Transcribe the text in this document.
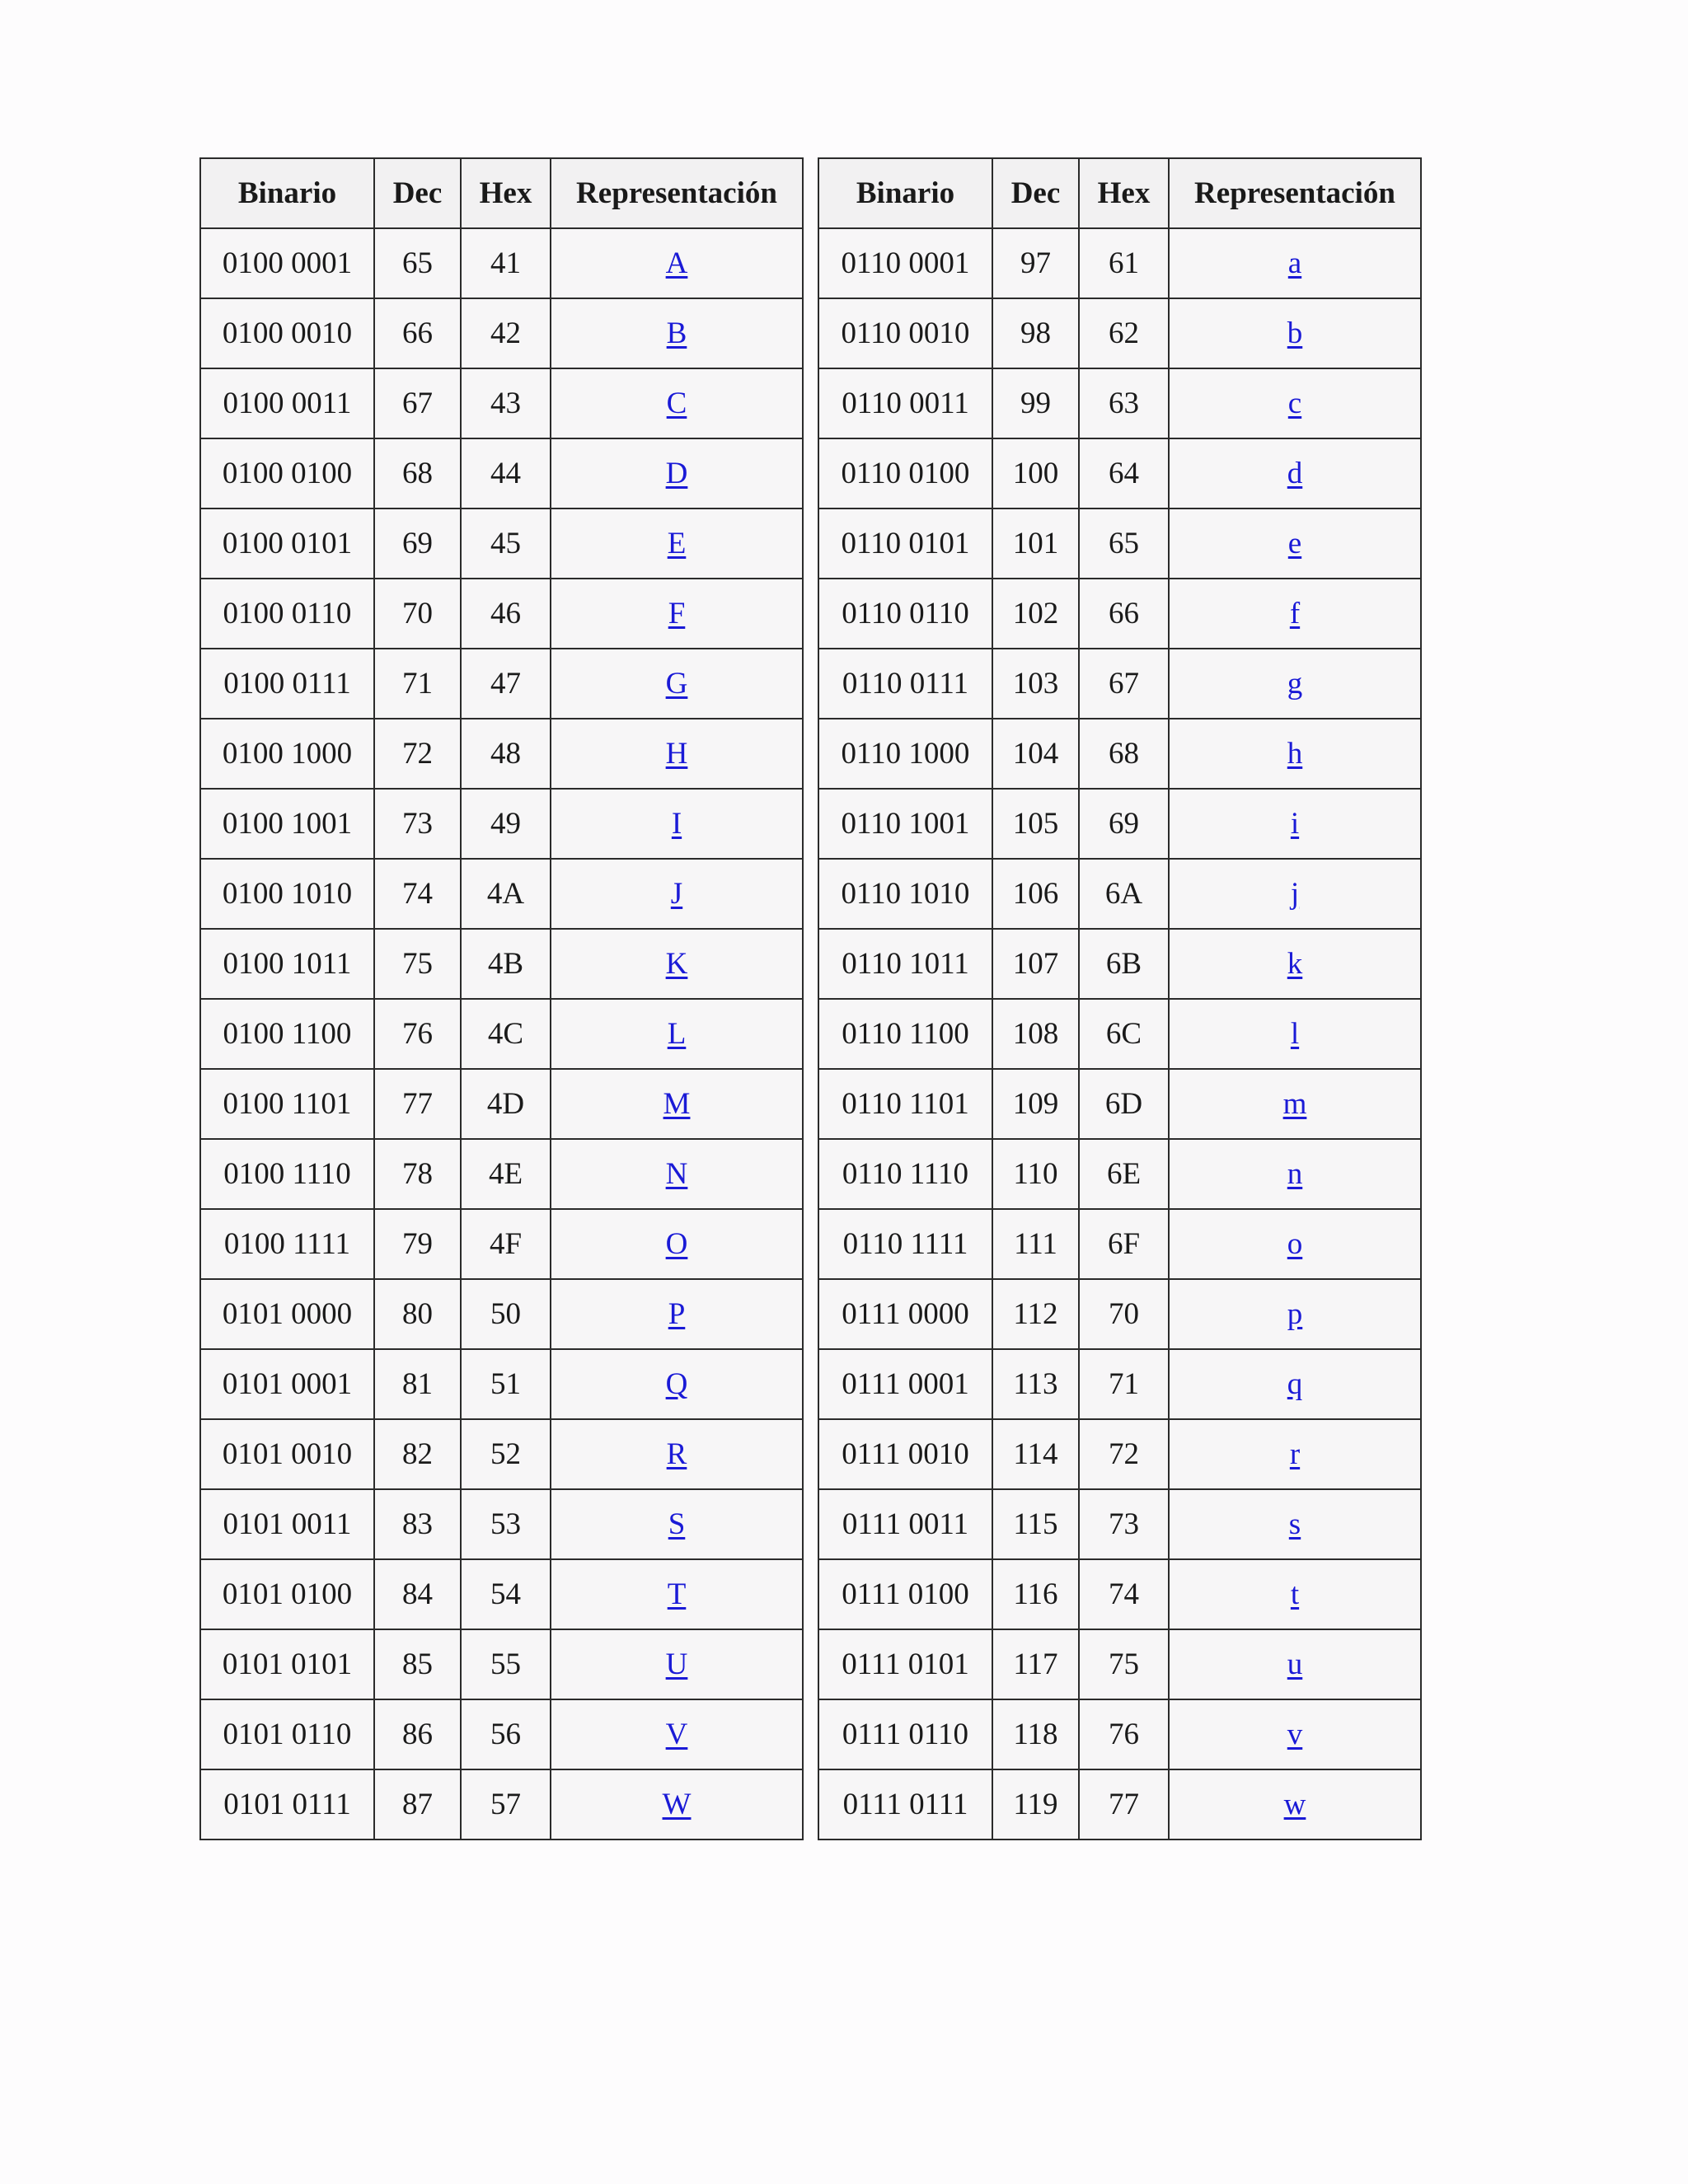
Binario	Dec	Hex	Representación
0100 0001	65	41	A
0100 0010	66	42	B
0100 0011	67	43	C
0100 0100	68	44	D
0100 0101	69	45	E
0100 0110	70	46	F
0100 0111	71	47	G
0100 1000	72	48	H
0100 1001	73	49	I
0100 1010	74	4A	J
0100 1011	75	4B	K
0100 1100	76	4C	L
0100 1101	77	4D	M
0100 1110	78	4E	N
0100 1111	79	4F	O
0101 0000	80	50	P
0101 0001	81	51	Q
0101 0010	82	52	R
0101 0011	83	53	S
0101 0100	84	54	T
0101 0101	85	55	U
0101 0110	86	56	V
0101 0111	87	57	W
Binario	Dec	Hex	Representación
0110 0001	97	61	a
0110 0010	98	62	b
0110 0011	99	63	c
0110 0100	100	64	d
0110 0101	101	65	e
0110 0110	102	66	f
0110 0111	103	67	g
0110 1000	104	68	h
0110 1001	105	69	i
0110 1010	106	6A	j
0110 1011	107	6B	k
0110 1100	108	6C	l
0110 1101	109	6D	m
0110 1110	110	6E	n
0110 1111	111	6F	o
0111 0000	112	70	p
0111 0001	113	71	q
0111 0010	114	72	r
0111 0011	115	73	s
0111 0100	116	74	t
0111 0101	117	75	u
0111 0110	118	76	v
0111 0111	119	77	w
